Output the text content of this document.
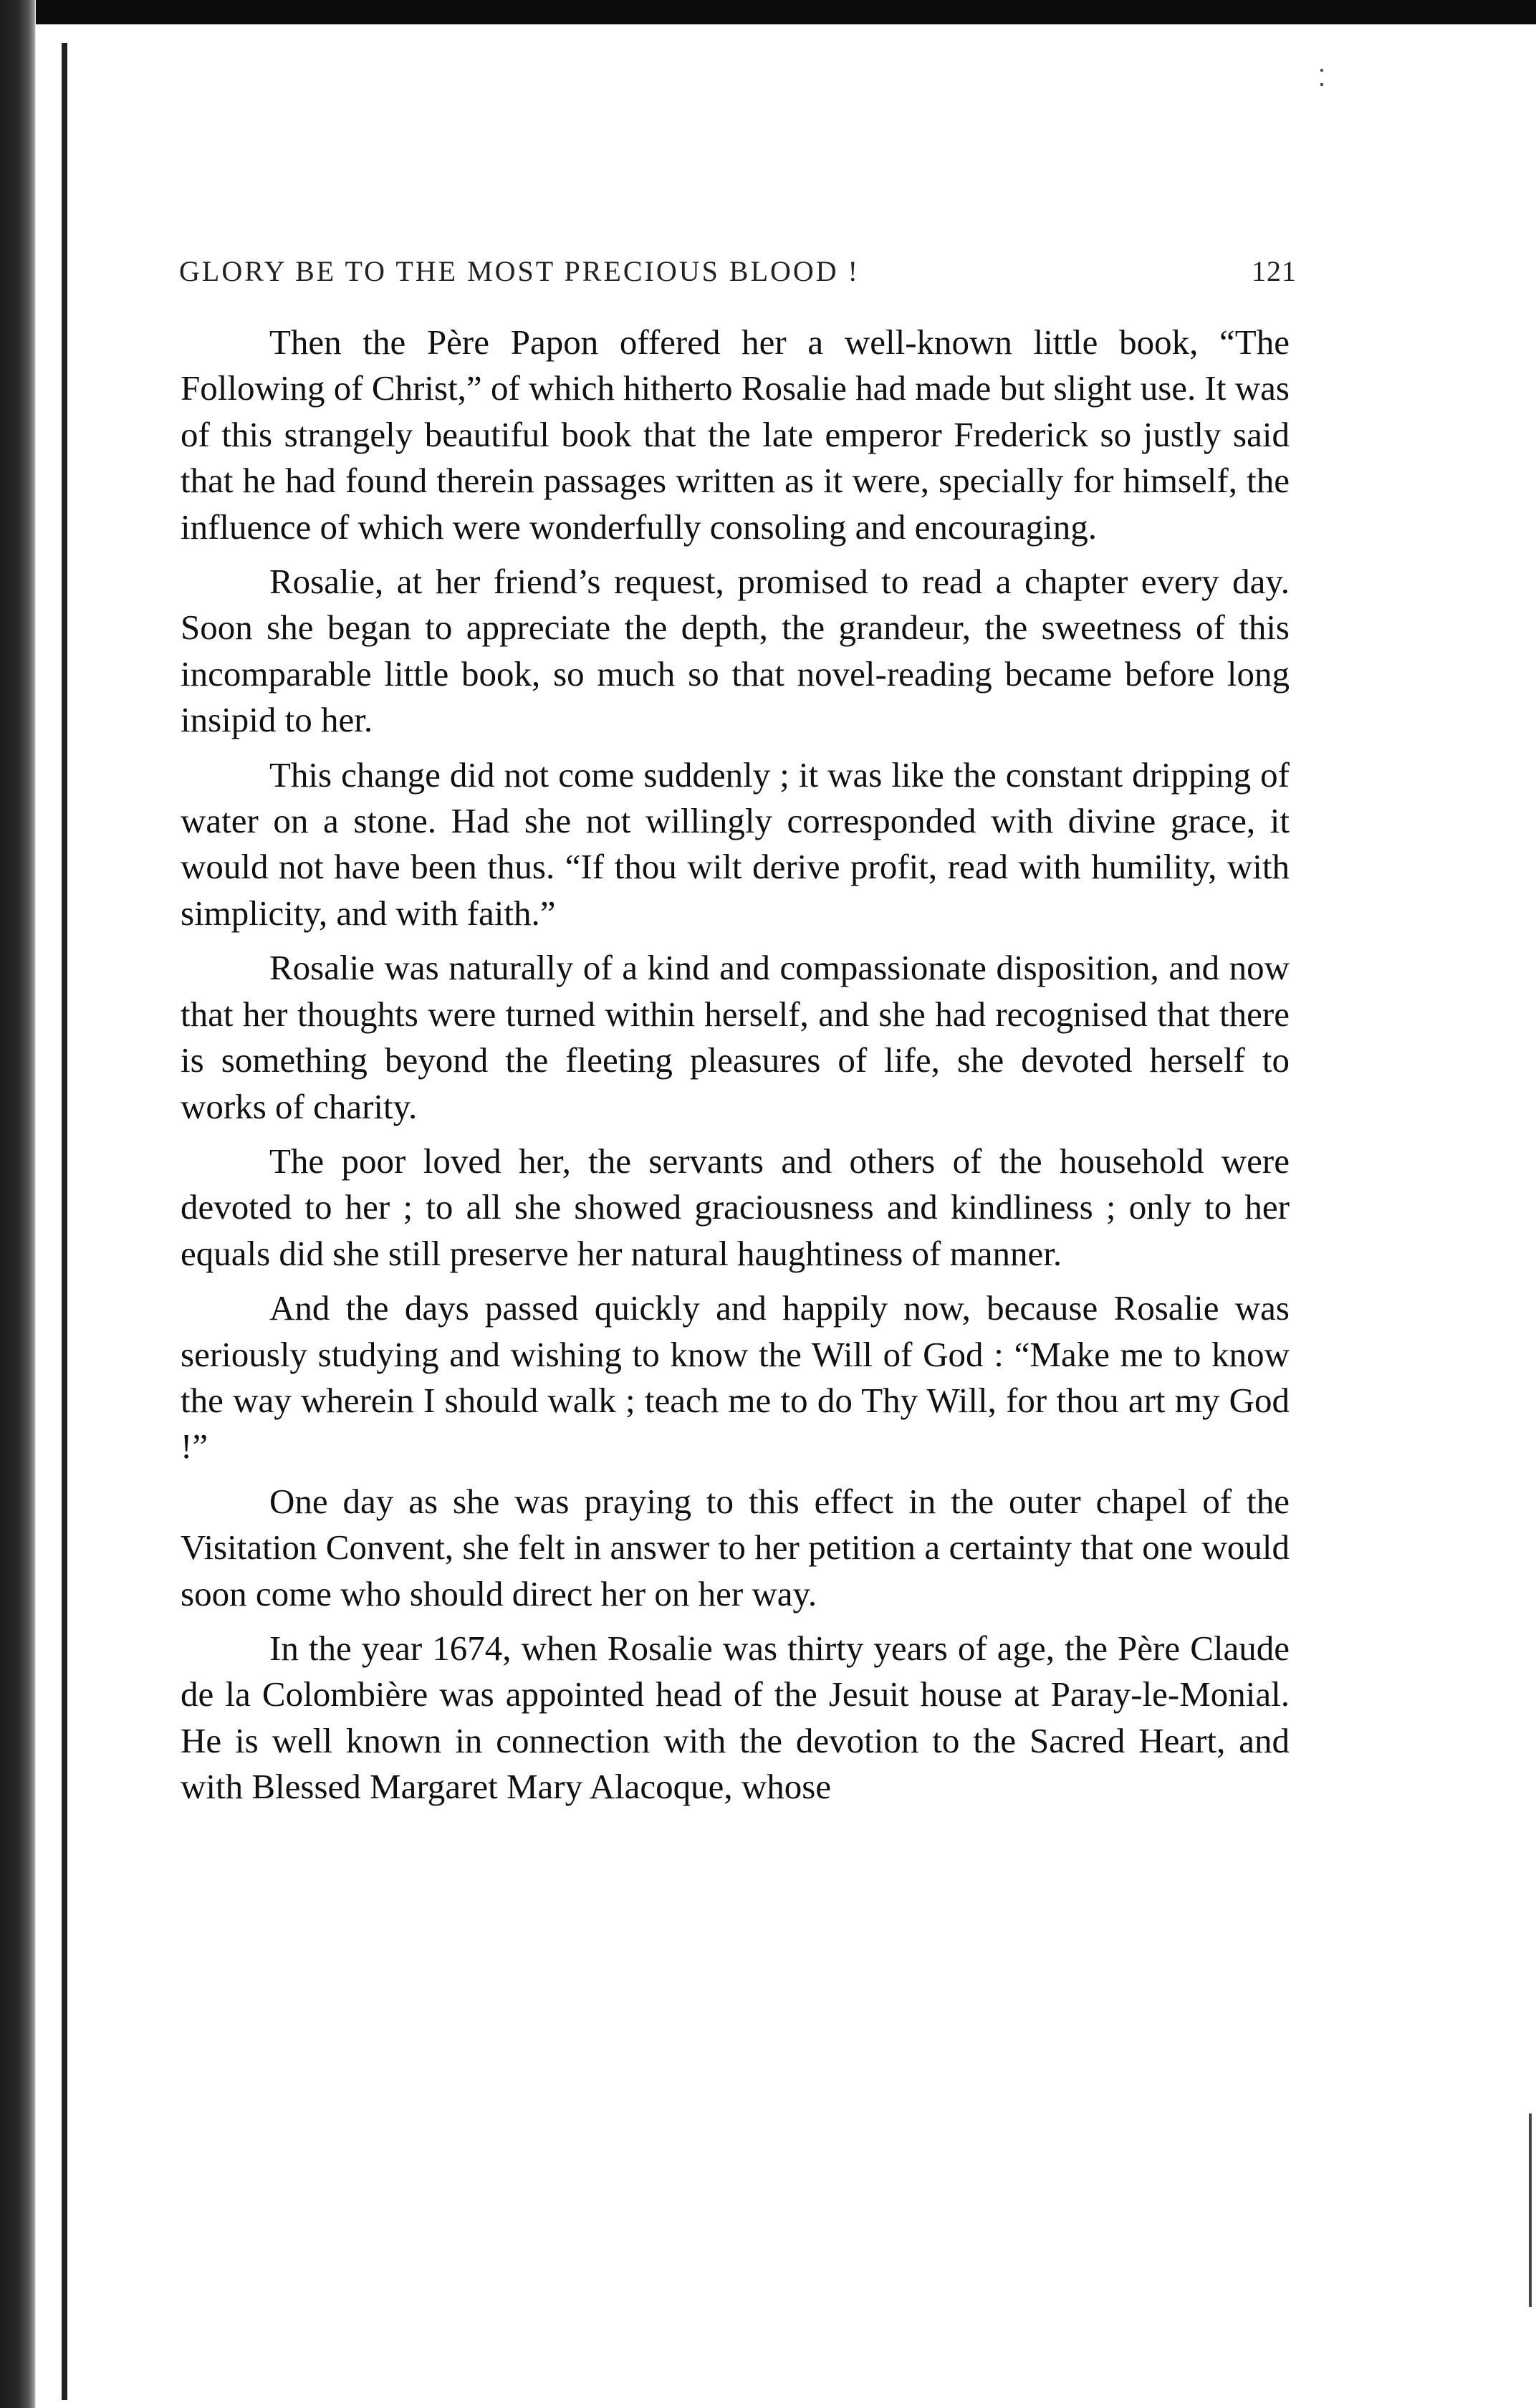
GLORY BE TO THE MOST PRECIOUS BLOOD !	121

Then the Père Papon offered her a well-known little book, “The Following of Christ,” of which hitherto Rosalie had made but slight use. It was of this strangely beautiful book that the late emperor Frederick so justly said that he had found therein passages written as it were, specially for himself, the influence of which were wonderfully consoling and encouraging.

Rosalie, at her friend’s request, promised to read a chapter every day. Soon she began to appreciate the depth, the grandeur, the sweetness of this incomparable little book, so much so that novel-reading became before long insipid to her.

This change did not come suddenly ; it was like the constant dripping of water on a stone. Had she not willingly corresponded with divine grace, it would not have been thus. “If thou wilt derive profit, read with humility, with simplicity, and with faith.”

Rosalie was naturally of a kind and compassionate disposition, and now that her thoughts were turned within herself, and she had recognised that there is something beyond the fleeting pleasures of life, she devoted herself to works of charity.

The poor loved her, the servants and others of the household were devoted to her ; to all she showed graciousness and kindliness ; only to her equals did she still preserve her natural haughtiness of manner.

And the days passed quickly and happily now, because Rosalie was seriously studying and wishing to know the Will of God : “Make me to know the way wherein I should walk ; teach me to do Thy Will, for thou art my God !”

One day as she was praying to this effect in the outer chapel of the Visitation Convent, she felt in answer to her petition a certainty that one would soon come who should direct her on her way.

In the year 1674, when Rosalie was thirty years of age, the Père Claude de la Colombière was appointed head of the Jesuit house at Paray-le-Monial. He is well known in connection with the devotion to the Sacred Heart, and with Blessed Margaret Mary Alacoque, whose
